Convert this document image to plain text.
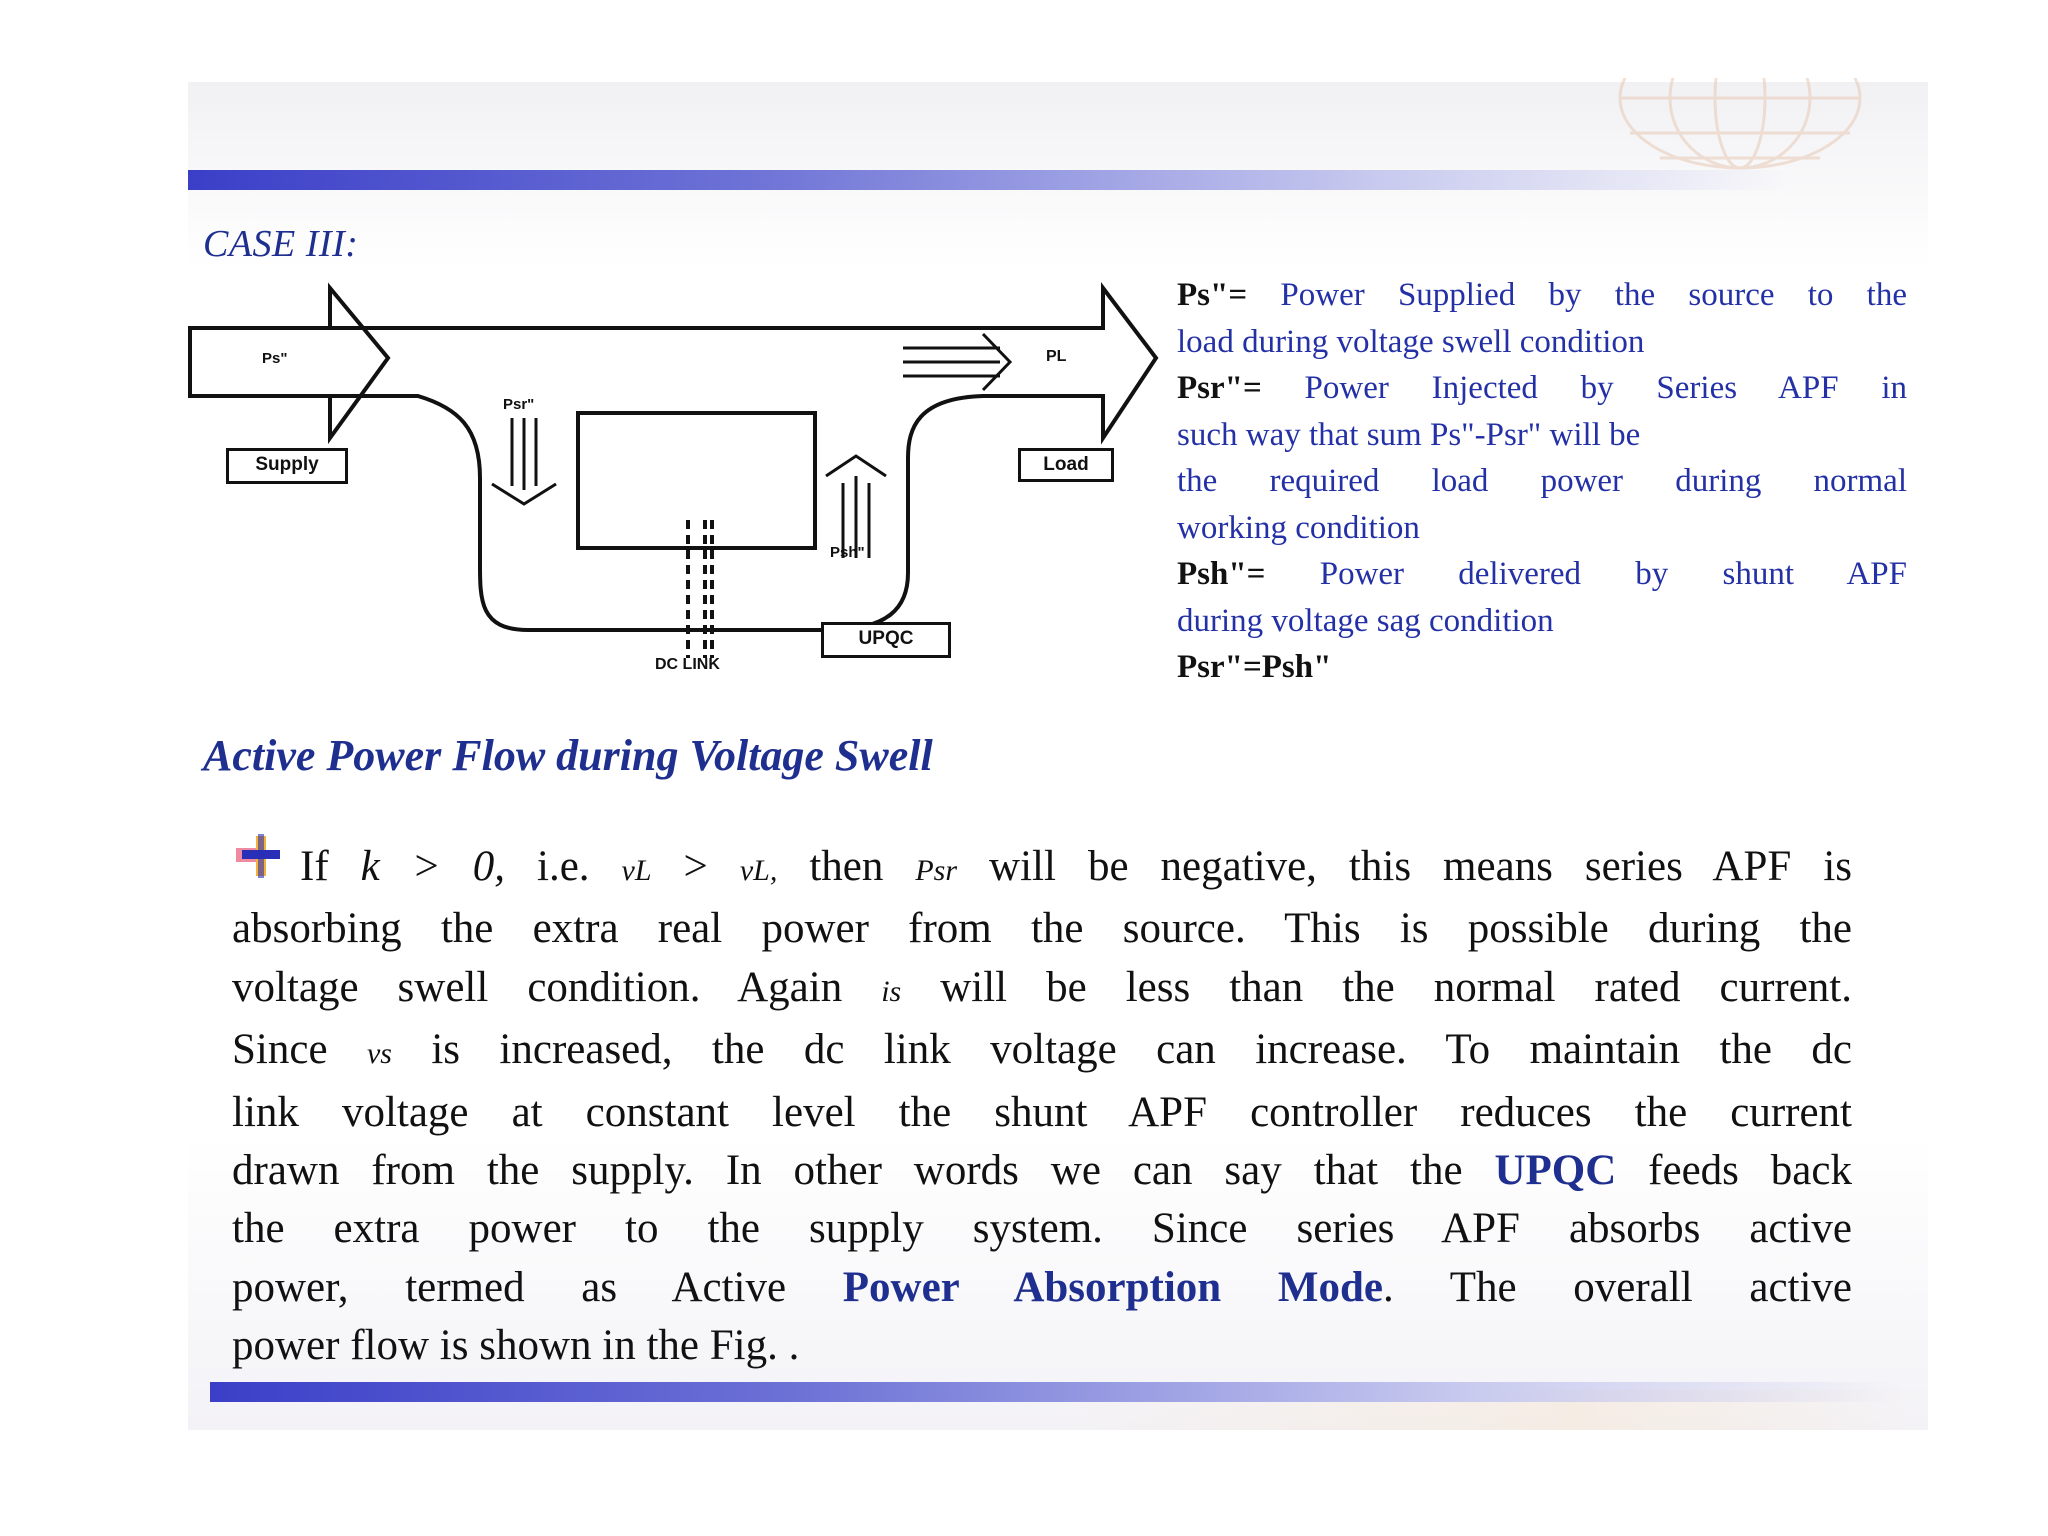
CASE III:
Ps"
Supply
Psr"
Psh"
PL
Load
DC LINK
UPQC
Ps"= Power Supplied by the source to the
load during voltage swell condition
Psr"= Power Injected by Series APF in
such way that sum Ps"-Psr" will be
the required load power during normal
working condition
Psh"= Power delivered by shunt APF
during voltage sag condition
Psr"=Psh"
Active Power Flow during Voltage Swell
If k > 0, i.e. vL > vL, then Psr will be negative, this means series APF is
absorbing the extra real power from the source. This is possible during the
voltage swell condition. Again is will be less than the normal rated current.
Since vs is increased, the dc link voltage can increase. To maintain the dc
link voltage at constant level the shunt APF controller reduces the current
drawn from the supply. In other words we can say that the UPQC feeds back
the extra power to the supply system. Since series APF absorbs active
power, termed as Active Power Absorption Mode. The overall active
power flow is shown in the Fig. .
